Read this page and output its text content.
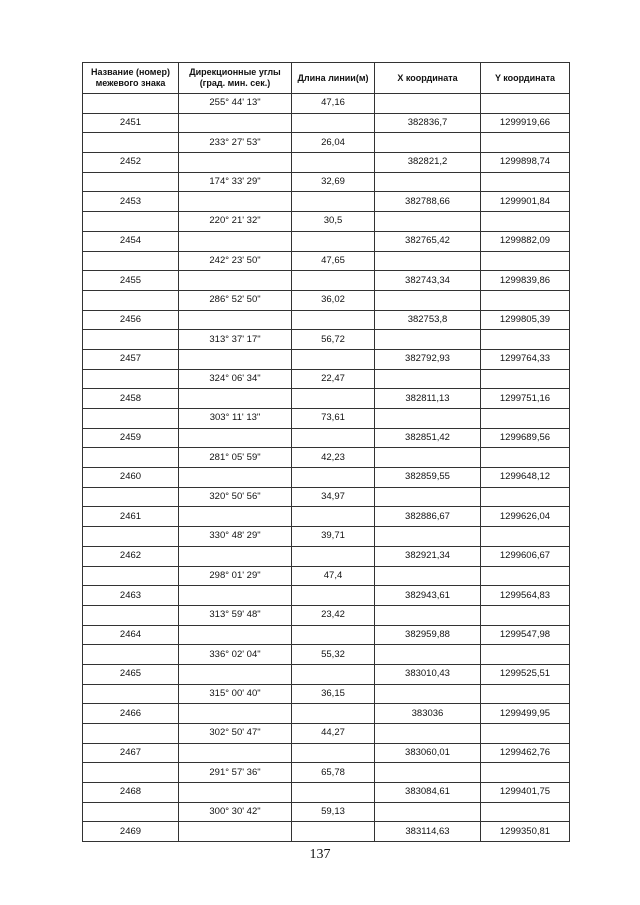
Название (номер) межевого знака	Дирекционные углы (град. мин. сек.)	Длина линии(м)	X координата	Y координата
	255° 44' 13"	47,16		
2451			382836,7	1299919,66
	233° 27' 53"	26,04		
2452			382821,2	1299898,74
	174° 33' 29"	32,69		
2453			382788,66	1299901,84
	220° 21' 32"	30,5		
2454			382765,42	1299882,09
	242° 23' 50"	47,65		
2455			382743,34	1299839,86
	286° 52' 50"	36,02		
2456			382753,8	1299805,39
	313° 37' 17"	56,72		
2457			382792,93	1299764,33
	324° 06' 34"	22,47		
2458			382811,13	1299751,16
	303° 11' 13"	73,61		
2459			382851,42	1299689,56
	281° 05' 59"	42,23		
2460			382859,55	1299648,12
	320° 50' 56"	34,97		
2461			382886,67	1299626,04
	330° 48' 29"	39,71		
2462			382921,34	1299606,67
	298° 01' 29"	47,4		
2463			382943,61	1299564,83
	313° 59' 48"	23,42		
2464			382959,88	1299547,98
	336° 02' 04"	55,32		
2465			383010,43	1299525,51
	315° 00' 40"	36,15		
2466			383036	1299499,95
	302° 50' 47"	44,27		
2467			383060,01	1299462,76
	291° 57' 36"	65,78		
2468			383084,61	1299401,75
	300° 30' 42"	59,13		
2469			383114,63	1299350,81
137
